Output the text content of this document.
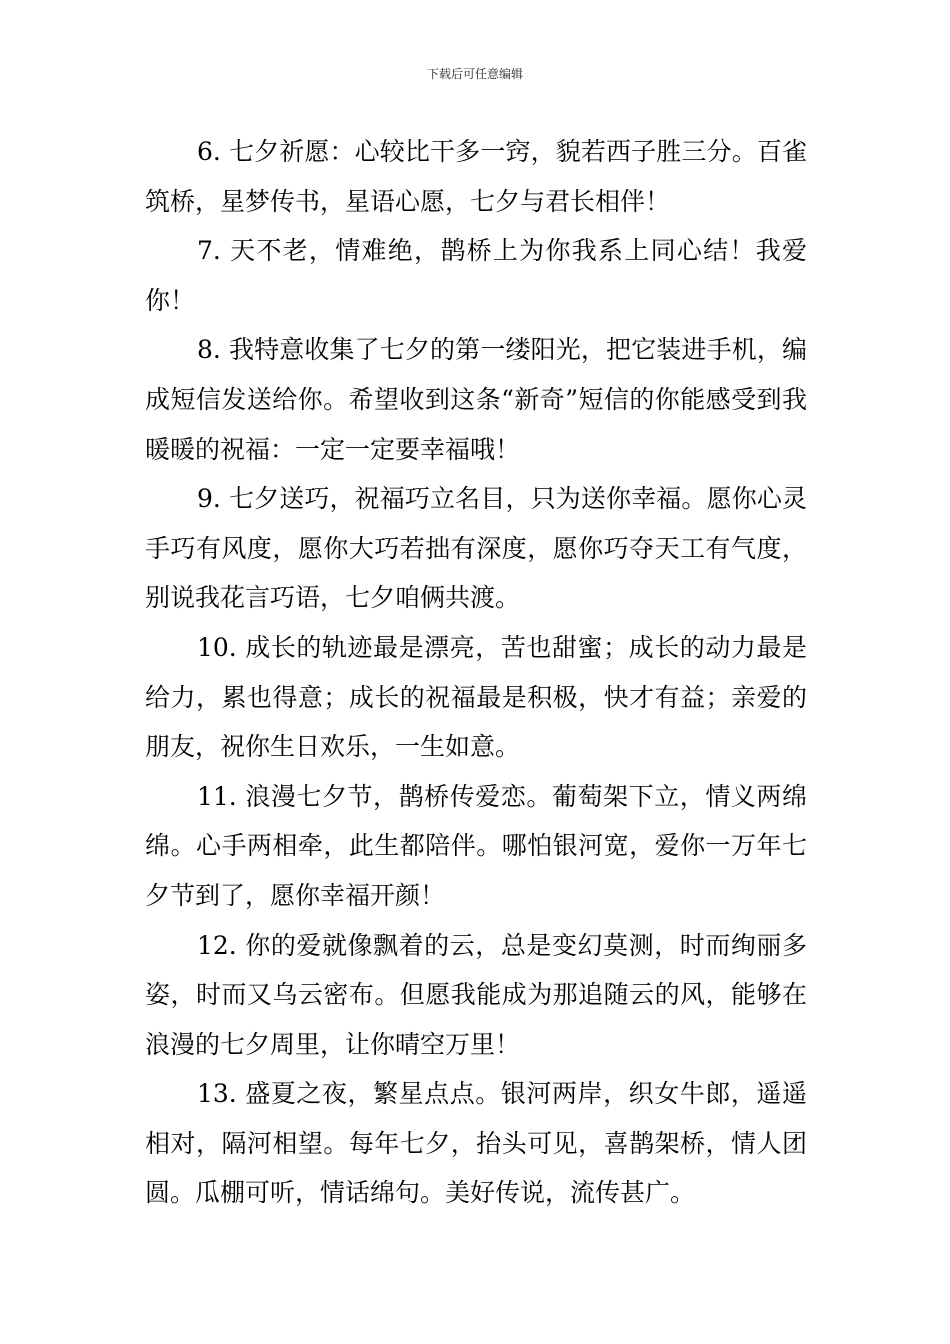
下载后可任意编辑

6. 七夕祈愿：心较比干多一窍，貌若西子胜三分。百雀筑桥，星梦传书，星语心愿，七夕与君长相伴！

7. 天不老，情难绝，鹊桥上为你我系上同心结！我爱你！

8. 我特意收集了七夕的第一缕阳光，把它装进手机，编成短信发送给你。希望收到这条“新奇”短信的你能感受到我暖暖的祝福：一定一定要幸福哦！

9. 七夕送巧，祝福巧立名目，只为送你幸福。愿你心灵手巧有风度，愿你大巧若拙有深度，愿你巧夺天工有气度，别说我花言巧语，七夕咱俩共渡。

10. 成长的轨迹最是漂亮，苦也甜蜜；成长的动力最是给力，累也得意；成长的祝福最是积极，快才有益；亲爱的朋友，祝你生日欢乐，一生如意。

11. 浪漫七夕节，鹊桥传爱恋。葡萄架下立，情义两绵绵。心手两相牵，此生都陪伴。哪怕银河宽，爱你一万年七夕节到了，愿你幸福开颜！

12. 你的爱就像飘着的云，总是变幻莫测，时而绚丽多姿，时而又乌云密布。但愿我能成为那追随云的风，能够在浪漫的七夕周里，让你晴空万里！

13. 盛夏之夜，繁星点点。银河两岸，织女牛郎，遥遥相对，隔河相望。每年七夕，抬头可见，喜鹊架桥，情人团圆。瓜棚可听，情话绵句。美好传说，流传甚广。
